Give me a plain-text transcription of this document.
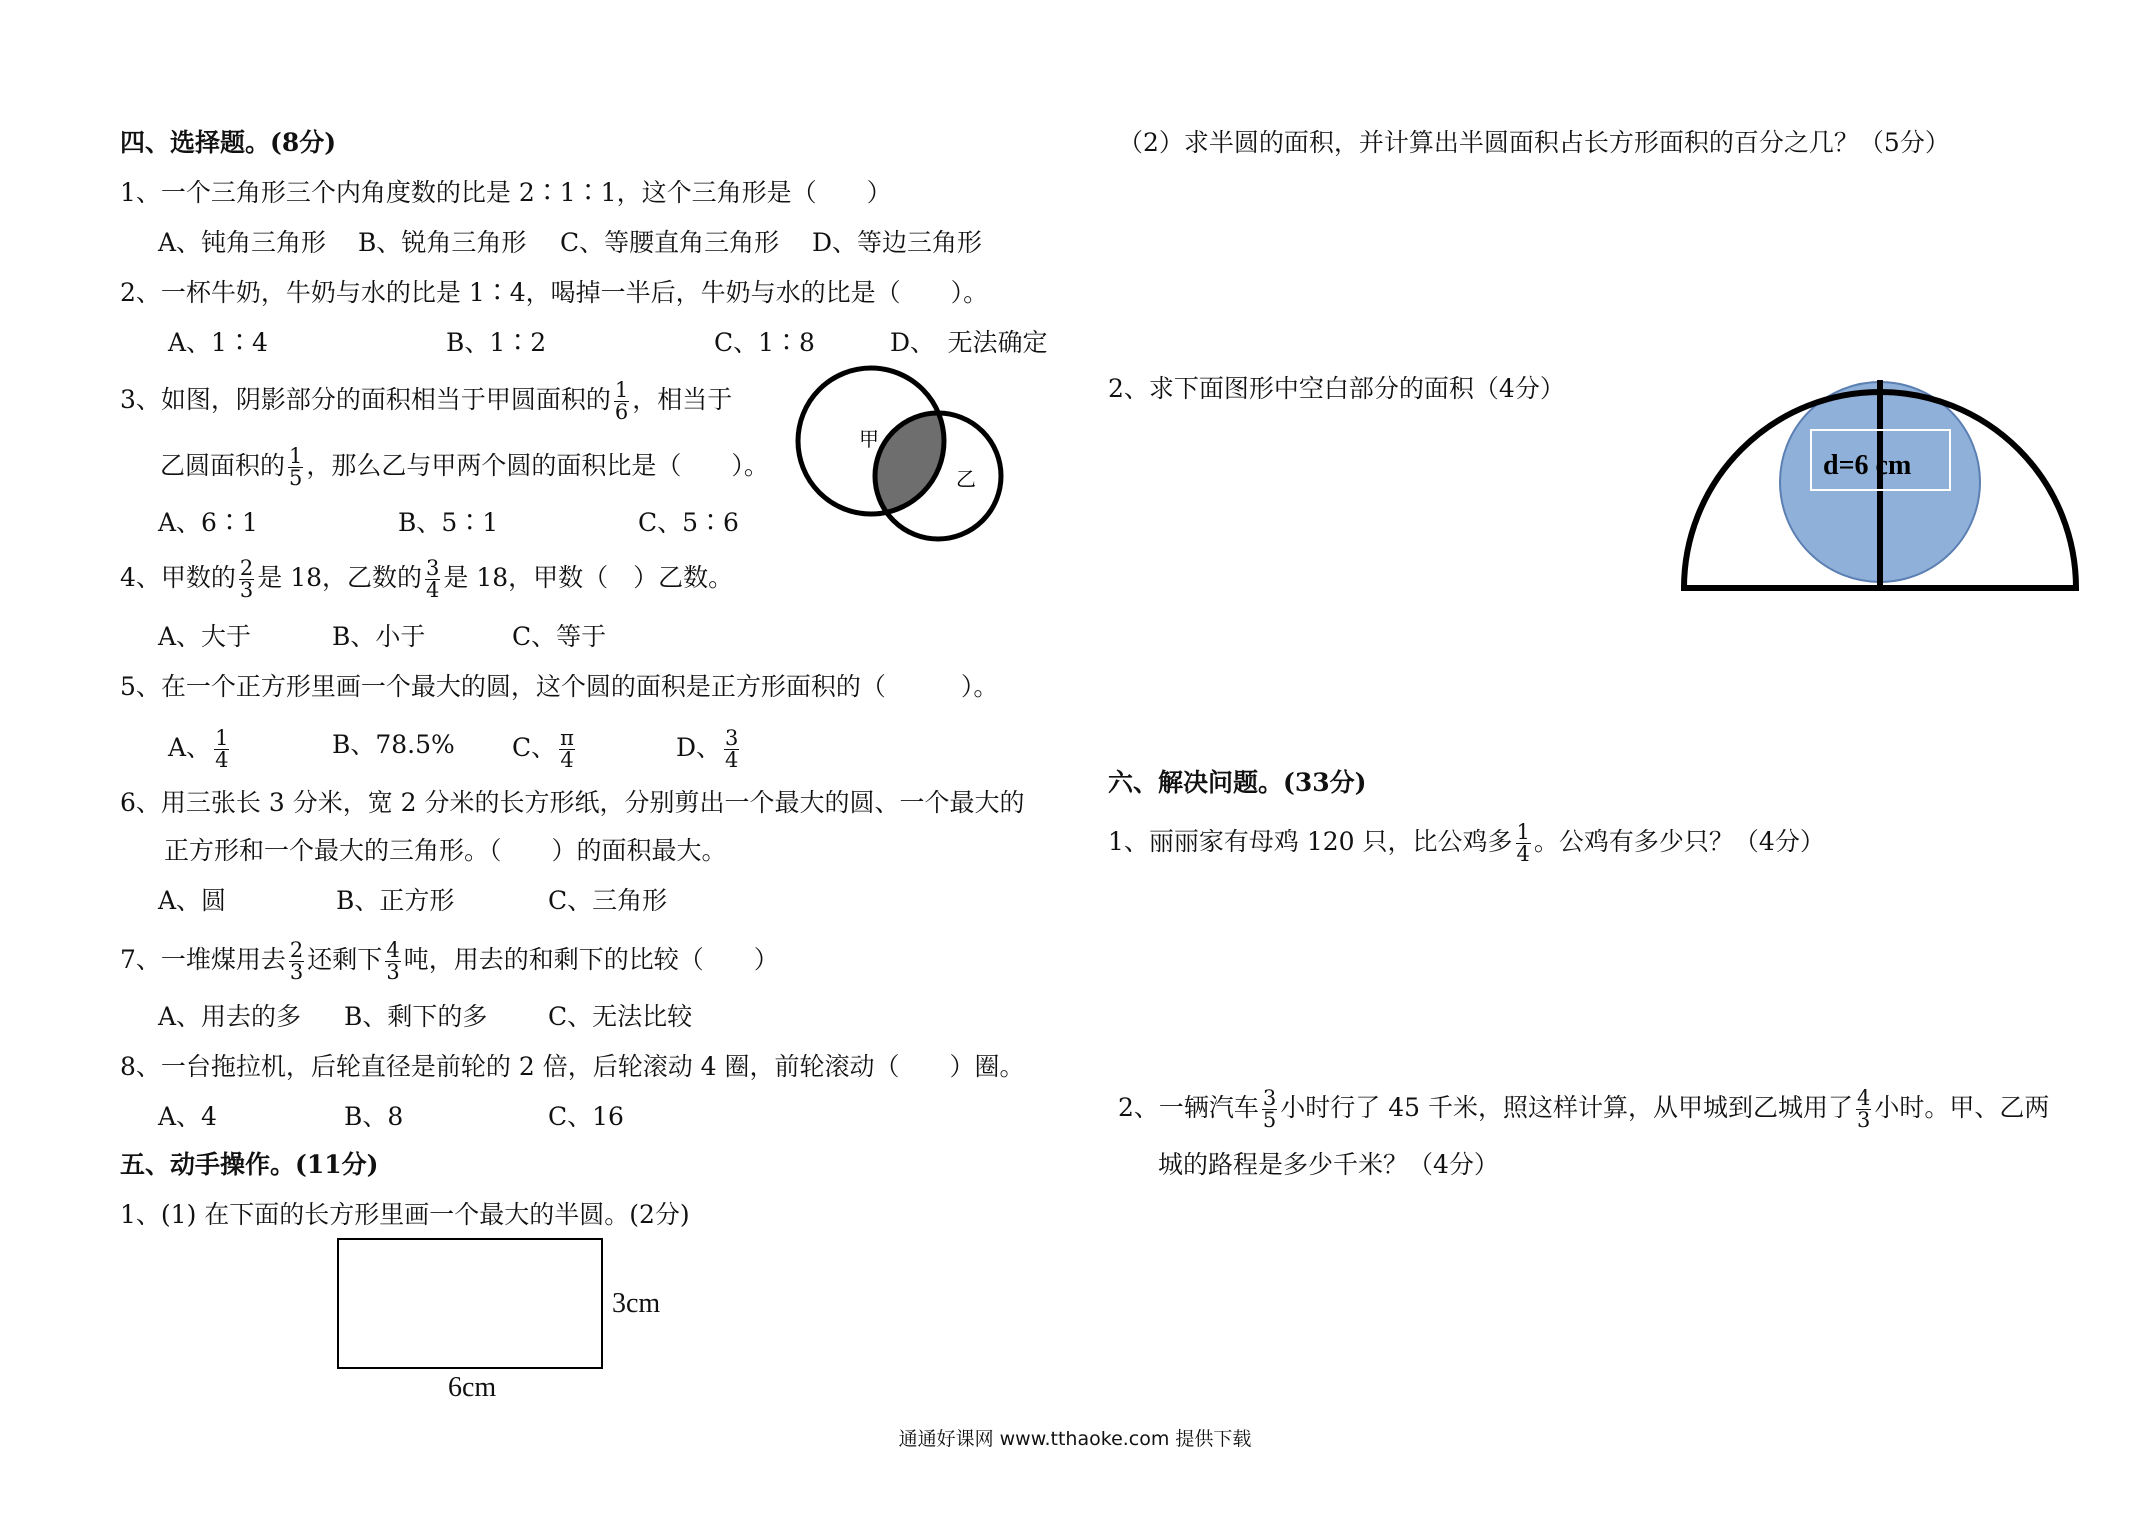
四、选择题。(8分)
1、一个三角形三个内角度数的比是 2∶1∶1，这个三角形是（　　）
A、钝角三角形 B、锐角三角形 C、等腰直角三角形 D、等边三角形
2、一杯牛奶，牛奶与水的比是 1∶4，喝掉一半后，牛奶与水的比是（　　）。
A、1∶4	B、1∶2	C、1∶8	D、　无法确定
3、如图，阴影部分的面积相当于甲圆面积的 $\frac{1}{6}$ ，相当于
乙圆面积的 $\frac{1}{5}$ ，那么乙与甲两个圆的面积比是（　　）。
A、6∶1	B、5∶1	C、5∶6
甲
乙
4、甲数的 $\frac{2}{3}$ 是 18，乙数的 $\frac{3}{4}$ 是 18，甲数（　）乙数。
A、大于	B、小于	C、等于
5、在一个正方形里画一个最大的圆，这个圆的面积是正方形面积的（　　　）。
A、 $\frac{1}{4}$	B、78.5% C、 $\frac{\pi}{4}$	D、 $\frac{3}{4}$
6、用三张长 3 分米，宽 2 分米的长方形纸，分别剪出一个最大的圆、一个最大的
正方形和一个最大的三角形。（　　）的面积最大。
A、圆	B、正方形	C、三角形
7、一堆煤用去 $\frac{2}{3}$ 还剩下 $\frac{4}{3}$ 吨，用去的和剩下的比较（　　）
A、用去的多 B、剩下的多 C、无法比较
8、一台拖拉机，后轮直径是前轮的 2 倍，后轮滚动 4 圈，前轮滚动（　　）圈。
A、4	B、8	C、16
五、动手操作。(11分)
1、(1) 在下面的长方形里画一个最大的半圆。(2分)
3cm
6cm
（2）求半圆的面积，并计算出半圆面积占长方形面积的百分之几？（5分）
2、求下面图形中空白部分的面积（4分）
d=6 cm
六、解决问题。(33分)
1、丽丽家有母鸡 120 只，比公鸡多 $\frac{1}{4}$ 。公鸡有多少只？（4分）
2、一辆汽车 $\frac{3}{5}$ 小时行了 45 千米，照这样计算，从甲城到乙城用了 $\frac{4}{3}$ 小时。甲、乙两
城的路程是多少千米？（4分）
通通好课网 www.tthaoke.com 提供下载
